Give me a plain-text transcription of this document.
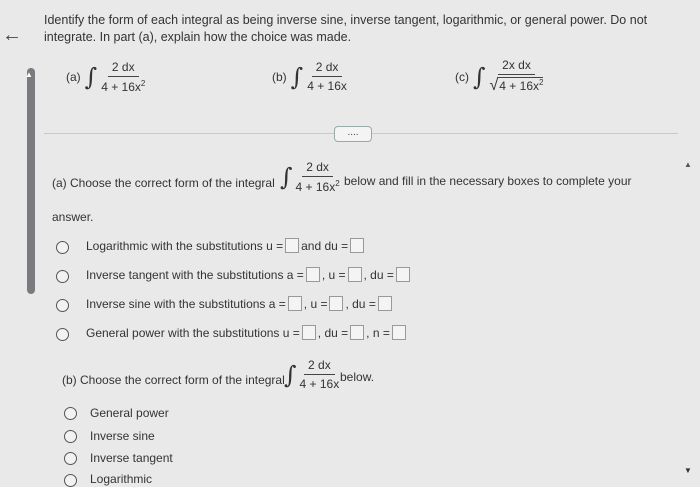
←
Identify the form of each integral as being inverse sine, inverse tangent, logarithmic, or general power. Do not integrate. In part (a), explain how the choice was made.
(a) ∫ $\frac{2 dx}{4 + 16x^2}$	(b) ∫ $\frac{2 dx}{4 + 16x}$	(c) ∫ $\frac{\text{2x dx}}{√4 + 16x^2}$
▲
▲
▼
....
(a) Choose the correct form of the integral ∫ $\frac{2 dx}{4 + 16x^2}$ below and fill in the necessary boxes to complete your
answer.
Logarithmic with the substitutions u = and du =
Inverse tangent with the substitutions a = , u = , du =
Inverse sine with the substitutions a = , u = , du =
General power with the substitutions u = , du = , n =
(b) Choose the correct form of the integral ∫ $\frac{2 dx}{4 + 16x}$ below.
General power
Inverse sine
Inverse tangent
Logarithmic
